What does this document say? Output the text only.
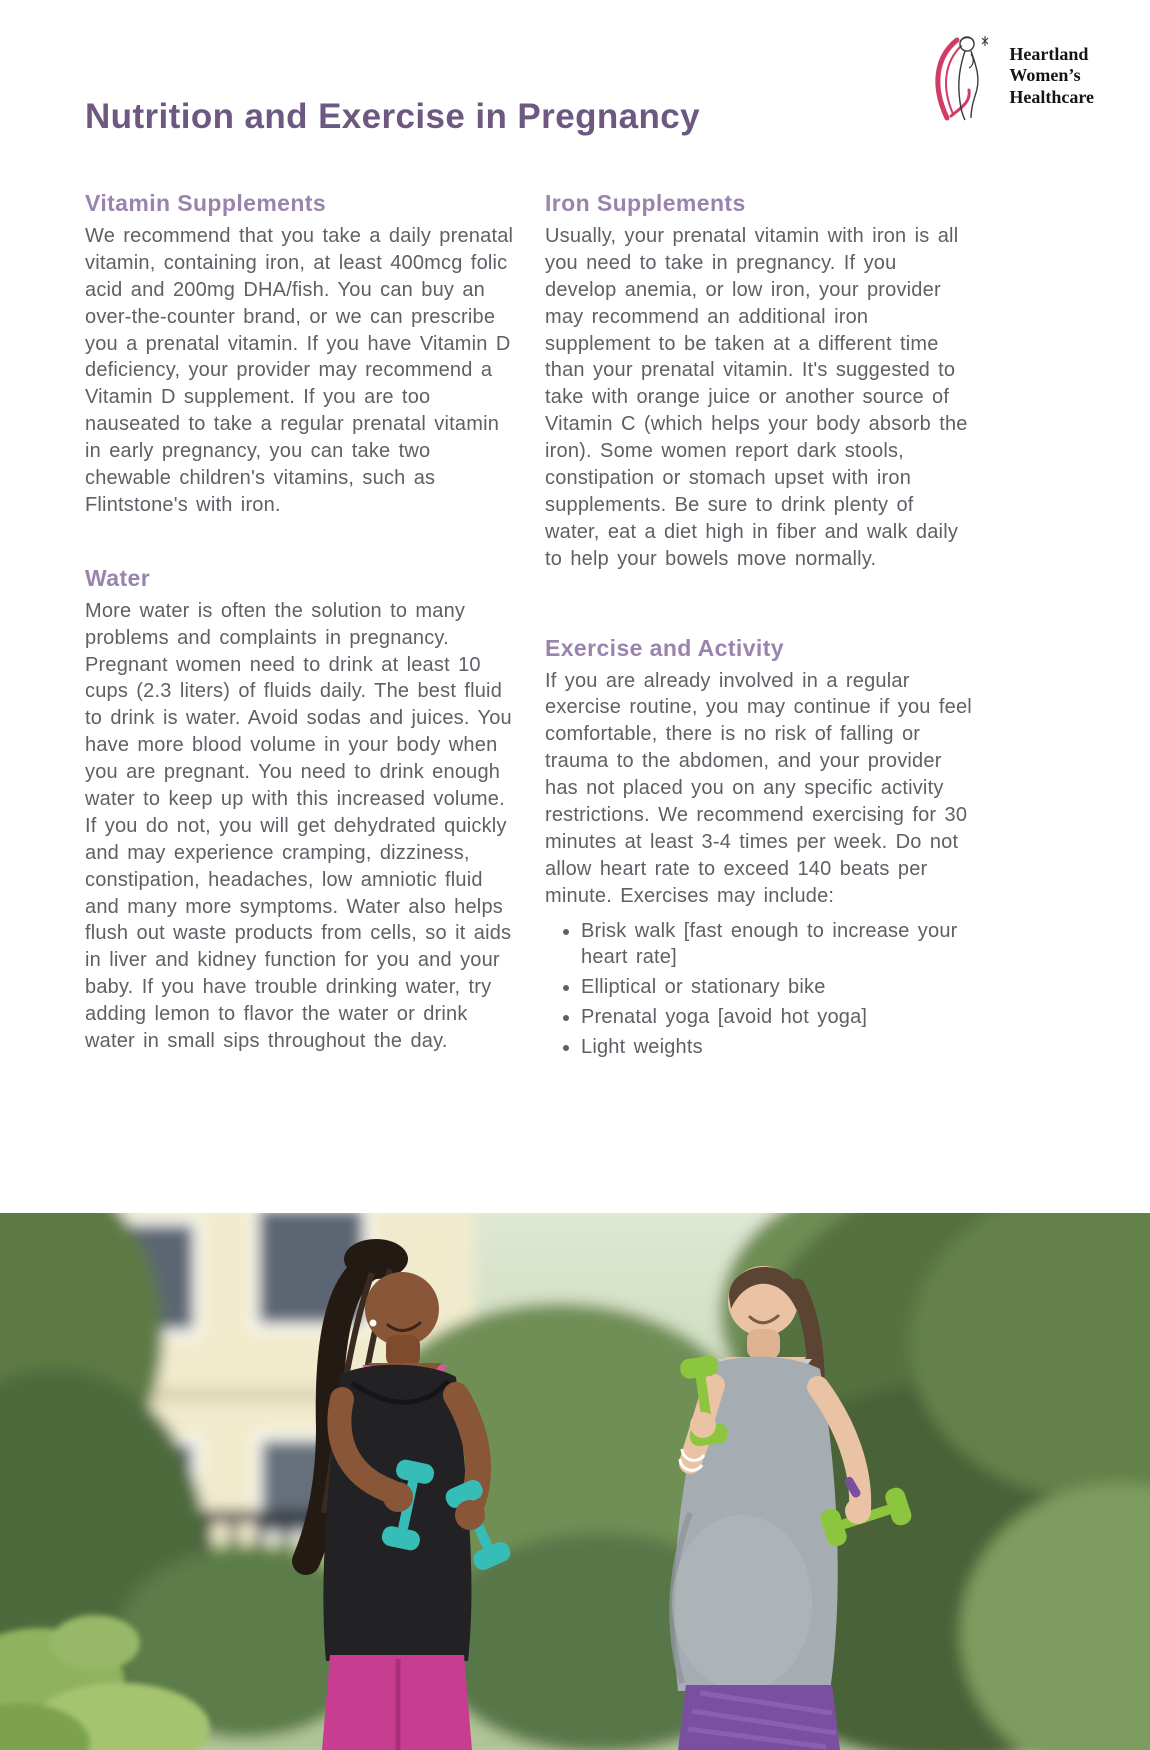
Heartland
Women’s
Healthcare
Nutrition and Exercise in Pregnancy
Vitamin Supplements

We recommend that you take a daily prenatal vitamin, containing iron, at least 400mcg folic acid and 200mg DHA/fish. You can buy an over-the-counter brand, or we can prescribe you a prenatal vitamin. If you have Vitamin D deficiency, your provider may recommend a Vitamin D supplement. If you are too nauseated to take a regular prenatal vitamin in early pregnancy, you can take two chewable children's vitamins, such as Flintstone's with iron.

Water

More water is often the solution to many problems and complaints in pregnancy. Pregnant women need to drink at least 10 cups (2.3 liters) of fluids daily. The best fluid to drink is water. Avoid sodas and juices. You have more blood volume in your body when you are pregnant. You need to drink enough water to keep up with this increased volume. If you do not, you will get dehydrated quickly and may experience cramping, dizziness, constipation, headaches, low amniotic fluid and many more symptoms. Water also helps flush out waste products from cells, so it aids in liver and kidney function for you and your baby. If you have trouble drinking water, try adding lemon to flavor the water or drink water in small sips throughout the day.

Iron Supplements

Usually, your prenatal vitamin with iron is all you need to take in pregnancy. If you develop anemia, or low iron, your provider may recommend an additional iron supplement to be taken at a different time than your prenatal vitamin. It's suggested to take with orange juice or another source of Vitamin C (which helps your body absorb the iron). Some women report dark stools, constipation or stomach upset with iron supplements. Be sure to drink plenty of water, eat a diet high in fiber and walk daily to help your bowels move normally.

Exercise and Activity

If you are already involved in a regular exercise routine, you may continue if you feel comfortable, there is no risk of falling or trauma to the abdomen, and your provider has not placed you on any specific activity restrictions. We recommend exercising for 30 minutes at least 3-4 times per week. Do not allow heart rate to exceed 140 beats per minute. Exercises may include:

• Brisk walk [fast enough to increase your heart rate]
• Elliptical or stationary bike
• Prenatal yoga [avoid hot yoga]
• Light weights
